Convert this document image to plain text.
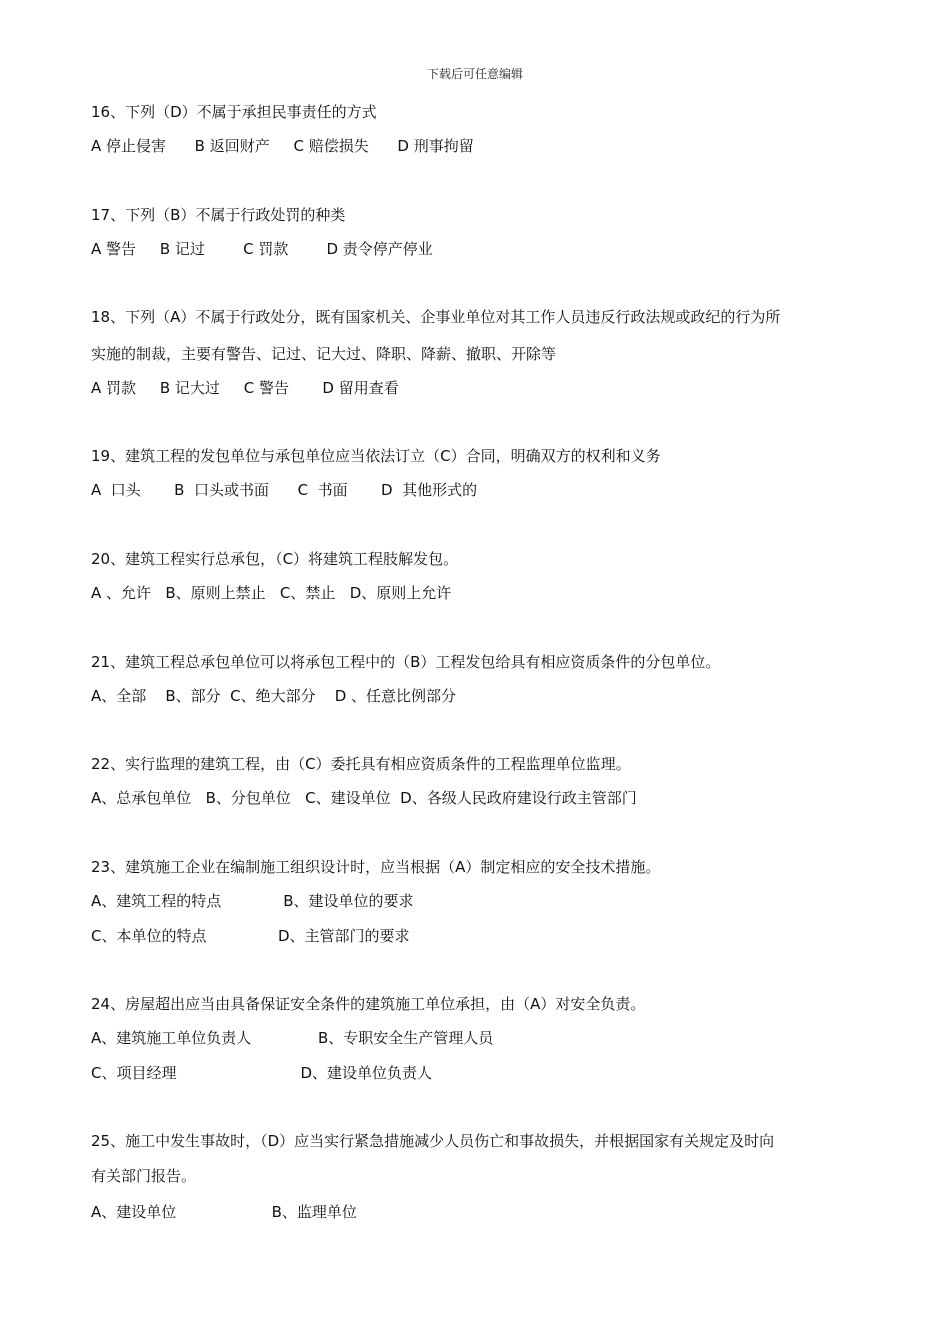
下载后可任意编辑
16、下列（D）不属于承担民事责任的方式
A 停止侵害      B 返回财产     C 赔偿损失      D 刑事拘留
17、下列（B）不属于行政处罚的种类
A 警告     B 记过        C 罚款        D 责令停产停业
18、下列（A）不属于行政处分，既有国家机关、企事业单位对其工作人员违反行政法规或政纪的行为所
实施的制裁，主要有警告、记过、记大过、降职、降薪、撤职、开除等
A 罚款     B 记大过     C 警告       D 留用查看
19、建筑工程的发包单位与承包单位应当依法订立（C）合同，明确双方的权利和义务
A  口头       B  口头或书面      C  书面       D  其他形式的
20、建筑工程实行总承包，（C）将建筑工程肢解发包。
A 、允许   B、原则上禁止   C、禁止   D、原则上允许
21、建筑工程总承包单位可以将承包工程中的（B）工程发包给具有相应资质条件的分包单位。
A、全部    B、部分  C、绝大部分    D 、任意比例部分
22、实行监理的建筑工程，由（C）委托具有相应资质条件的工程监理单位监理。
A、总承包单位   B、分包单位   C、建设单位  D、各级人民政府建设行政主管部门
23、建筑施工企业在编制施工组织设计时，应当根据（A）制定相应的安全技术措施。
A、建筑工程的特点             B、建设单位的要求
C、本单位的特点               D、主管部门的要求
24、房屋超出应当由具备保证安全条件的建筑施工单位承担，由（A）对安全负责。
A、建筑施工单位负责人              B、专职安全生产管理人员
C、项目经理                          D、建设单位负责人
25、施工中发生事故时，（D）应当实行紧急措施减少人员伤亡和事故损失，并根据国家有关规定及时向
有关部门报告。
A、建设单位                    B、监理单位
